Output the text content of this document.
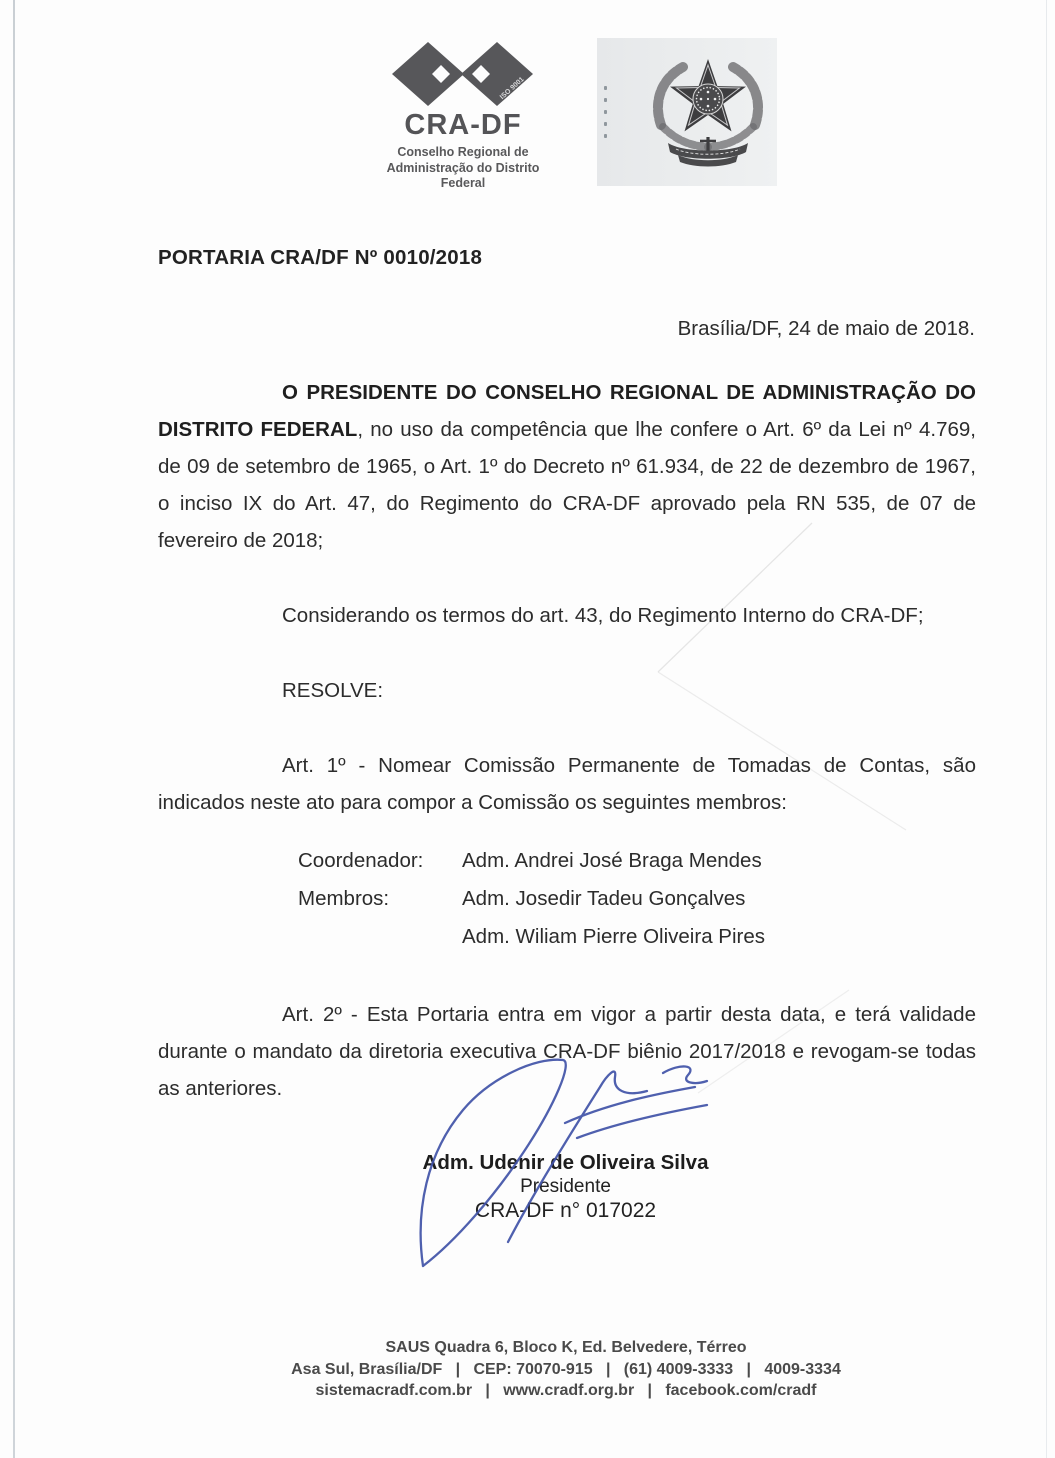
ISO 9001
CRA-DF
Conselho Regional de
Administração do Distrito Federal
PORTARIA CRA/DF Nº 0010/2018
Brasília/DF, 24 de maio de 2018.

O PRESIDENTE DO CONSELHO REGIONAL DE ADMINISTRAÇÃO DO DISTRITO FEDERAL, no uso da competência que lhe confere o Art. 6º da Lei nº 4.769, de 09 de setembro de 1965, o Art. 1º do Decreto nº 61.934, de 22 de dezembro de 1967, o inciso IX do Art. 47, do Regimento do CRA-DF aprovado pela RN 535, de 07 de fevereiro de 2018;

Considerando os termos do art. 43, do Regimento Interno do CRA-DF;

RESOLVE:

Art. 1º - Nomear Comissão Permanente de Tomadas de Contas, são indicados neste ato para compor a Comissão os seguintes membros:

Coordenador: Adm. Andrei José Braga Mendes
Membros:	Adm. Josedir Tadeu Gonçalves
Adm. Wiliam Pierre Oliveira Pires

Art. 2º - Esta Portaria entra em vigor a partir desta data, e terá validade durante o mandato da diretoria executiva CRA-DF biênio 2017/2018 e revogam-se todas as anteriores.

Adm. Udenir de Oliveira Silva
Presidente
CRA-DF n° 017022

SAUS Quadra 6, Bloco K, Ed. Belvedere, Térreo

Asa Sul, Brasília/DF   |   CEP: 70070-915   |   (61) 4009-3333   |   4009-3334

sistemacradf.com.br   |   www.cradf.org.br   |   facebook.com/cradf
